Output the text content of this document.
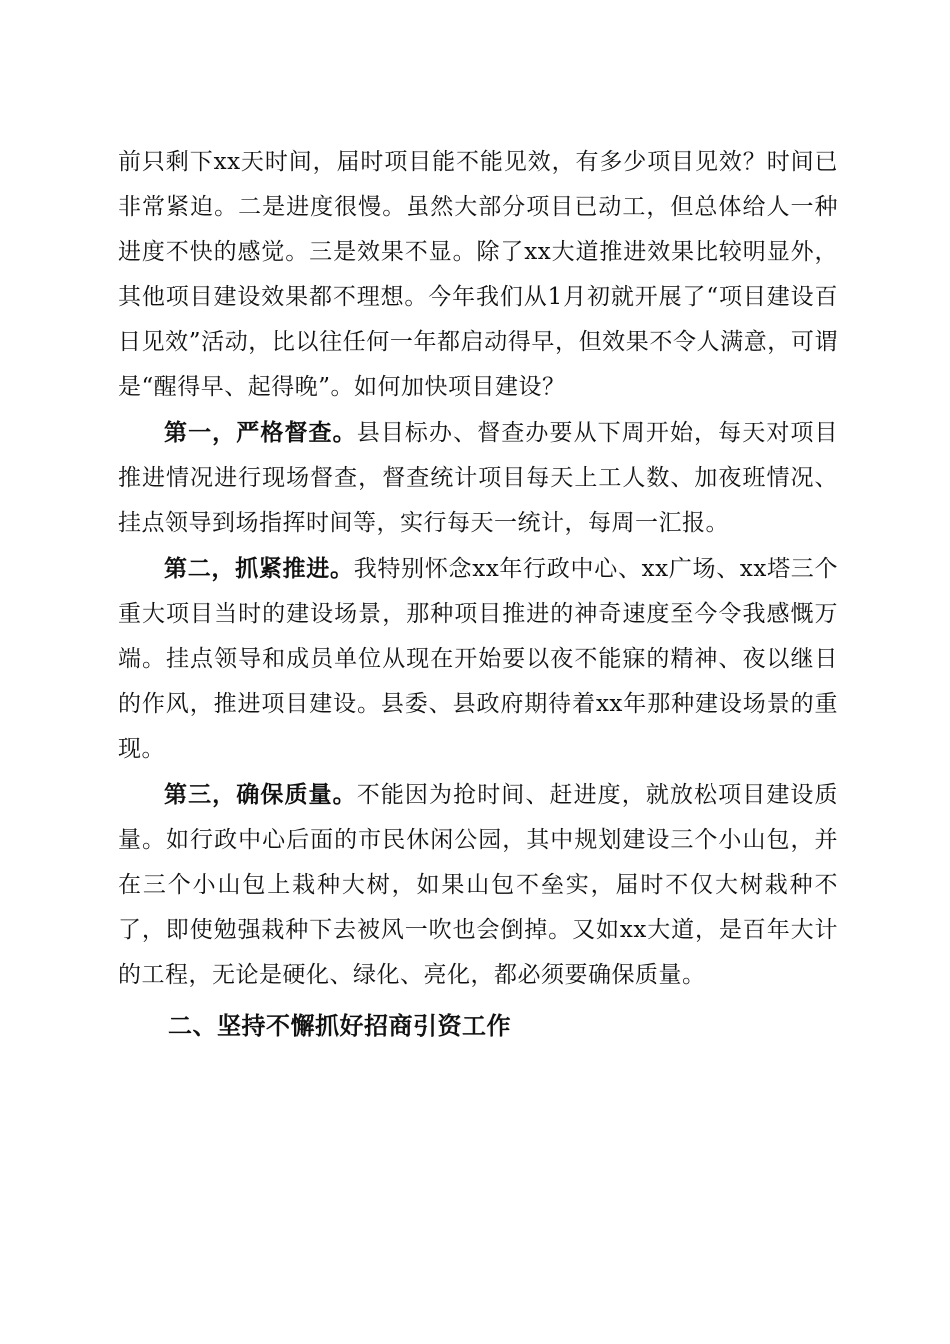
前只剩下xx天时间，届时项目能不能见效，有多少项目见效？时间已非常紧迫。二是进度很慢。虽然大部分项目已动工，但总体给人一种进度不快的感觉。三是效果不显。除了xx大道推进效果比较明显外，其他项目建设效果都不理想。今年我们从1月初就开展了“项目建设百日见效”活动，比以往任何一年都启动得早，但效果不令人满意，可谓是“醒得早、起得晚”。如何加快项目建设？

第一，严格督查。县目标办、督查办要从下周开始，每天对项目推进情况进行现场督查，督查统计项目每天上工人数、加夜班情况、挂点领导到场指挥时间等，实行每天一统计，每周一汇报。

第二，抓紧推进。我特别怀念xx年行政中心、xx广场、xx塔三个重大项目当时的建设场景，那种项目推进的神奇速度至今令我感慨万端。挂点领导和成员单位从现在开始要以夜不能寐的精神、夜以继日的作风，推进项目建设。县委、县政府期待着xx年那种建设场景的重现。

第三，确保质量。不能因为抢时间、赶进度，就放松项目建设质量。如行政中心后面的市民休闲公园，其中规划建设三个小山包，并在三个小山包上栽种大树，如果山包不垒实，届时不仅大树栽种不了，即使勉强栽种下去被风一吹也会倒掉。又如xx大道，是百年大计的工程，无论是硬化、绿化、亮化，都必须要确保质量。

二、坚持不懈抓好招商引资工作
